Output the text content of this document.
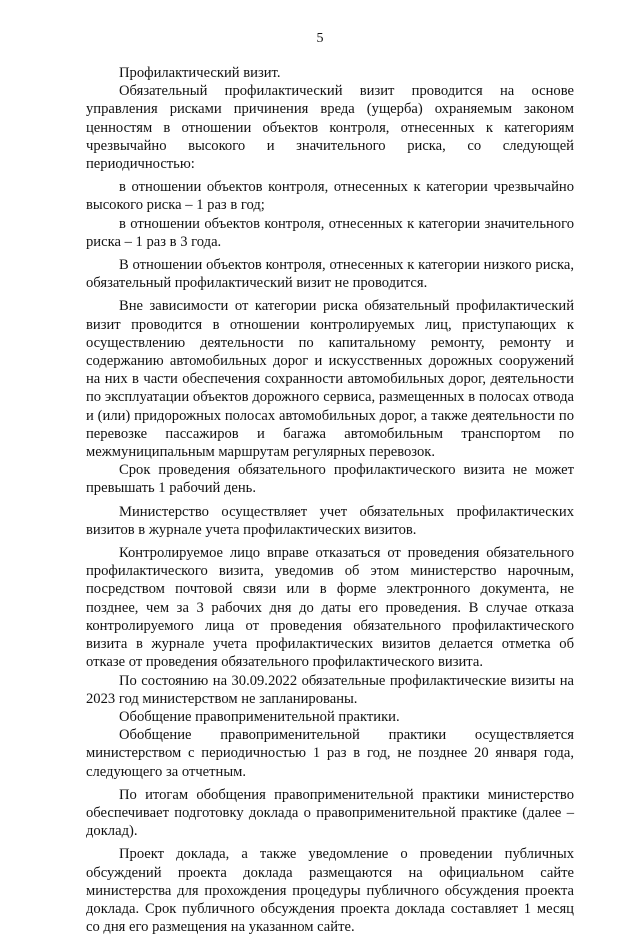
5

Профилактический визит.

Обязательный профилактический визит проводится на основе управления рисками причинения вреда (ущерба) охраняемым законом ценностям в отношении объектов контроля, отнесенных к категориям чрезвычайно высокого и значительного риска, со следующей периодичностью:

в отношении объектов контроля, отнесенных к категории чрезвычайно высокого риска – 1 раз в год;

в отношении объектов контроля, отнесенных к категории значительного риска – 1 раз в 3 года.

В отношении объектов контроля, отнесенных к категории низкого риска, обязательный профилактический визит не проводится.

Вне зависимости от категории риска обязательный профилактический визит проводится в отношении контролируемых лиц, приступающих к осуществлению деятельности по капитальному ремонту, ремонту и содержанию автомобильных дорог и искусственных дорожных сооружений на них в части обеспечения сохранности автомобильных дорог, деятельности по эксплуатации объектов дорожного сервиса, размещенных в полосах отвода и (или) придорожных полосах автомобильных дорог, а также деятельности по перевозке пассажиров и багажа автомобильным транспортом по межмуниципальным маршрутам регулярных перевозок.

Срок проведения обязательного профилактического визита не может превышать 1 рабочий день.

Министерство осуществляет учет обязательных профилактических визитов в журнале учета профилактических визитов.

Контролируемое лицо вправе отказаться от проведения обязательного профилактического визита, уведомив об этом министерство нарочным, посредством почтовой связи или в форме электронного документа, не позднее, чем за 3 рабочих дня до даты его проведения. В случае отказа контролируемого лица от проведения обязательного профилактического визита в журнале учета профилактических визитов делается отметка об отказе от проведения обязательного профилактического визита.

По состоянию на 30.09.2022 обязательные профилактические визиты на 2023 год министерством не запланированы.

Обобщение правоприменительной практики.

Обобщение правоприменительной практики осуществляется министерством с периодичностью 1 раз в год, не позднее 20 января года, следующего за отчетным.

По итогам обобщения правоприменительной практики министерство обеспечивает подготовку доклада о правоприменительной практике (далее – доклад).

Проект доклада, а также уведомление о проведении публичных обсуждений проекта доклада размещаются на официальном сайте министерства для прохождения процедуры публичного обсуждения проекта доклада. Срок публичного обсуждения проекта доклада составляет 1 месяц со дня его размещения на указанном сайте.
